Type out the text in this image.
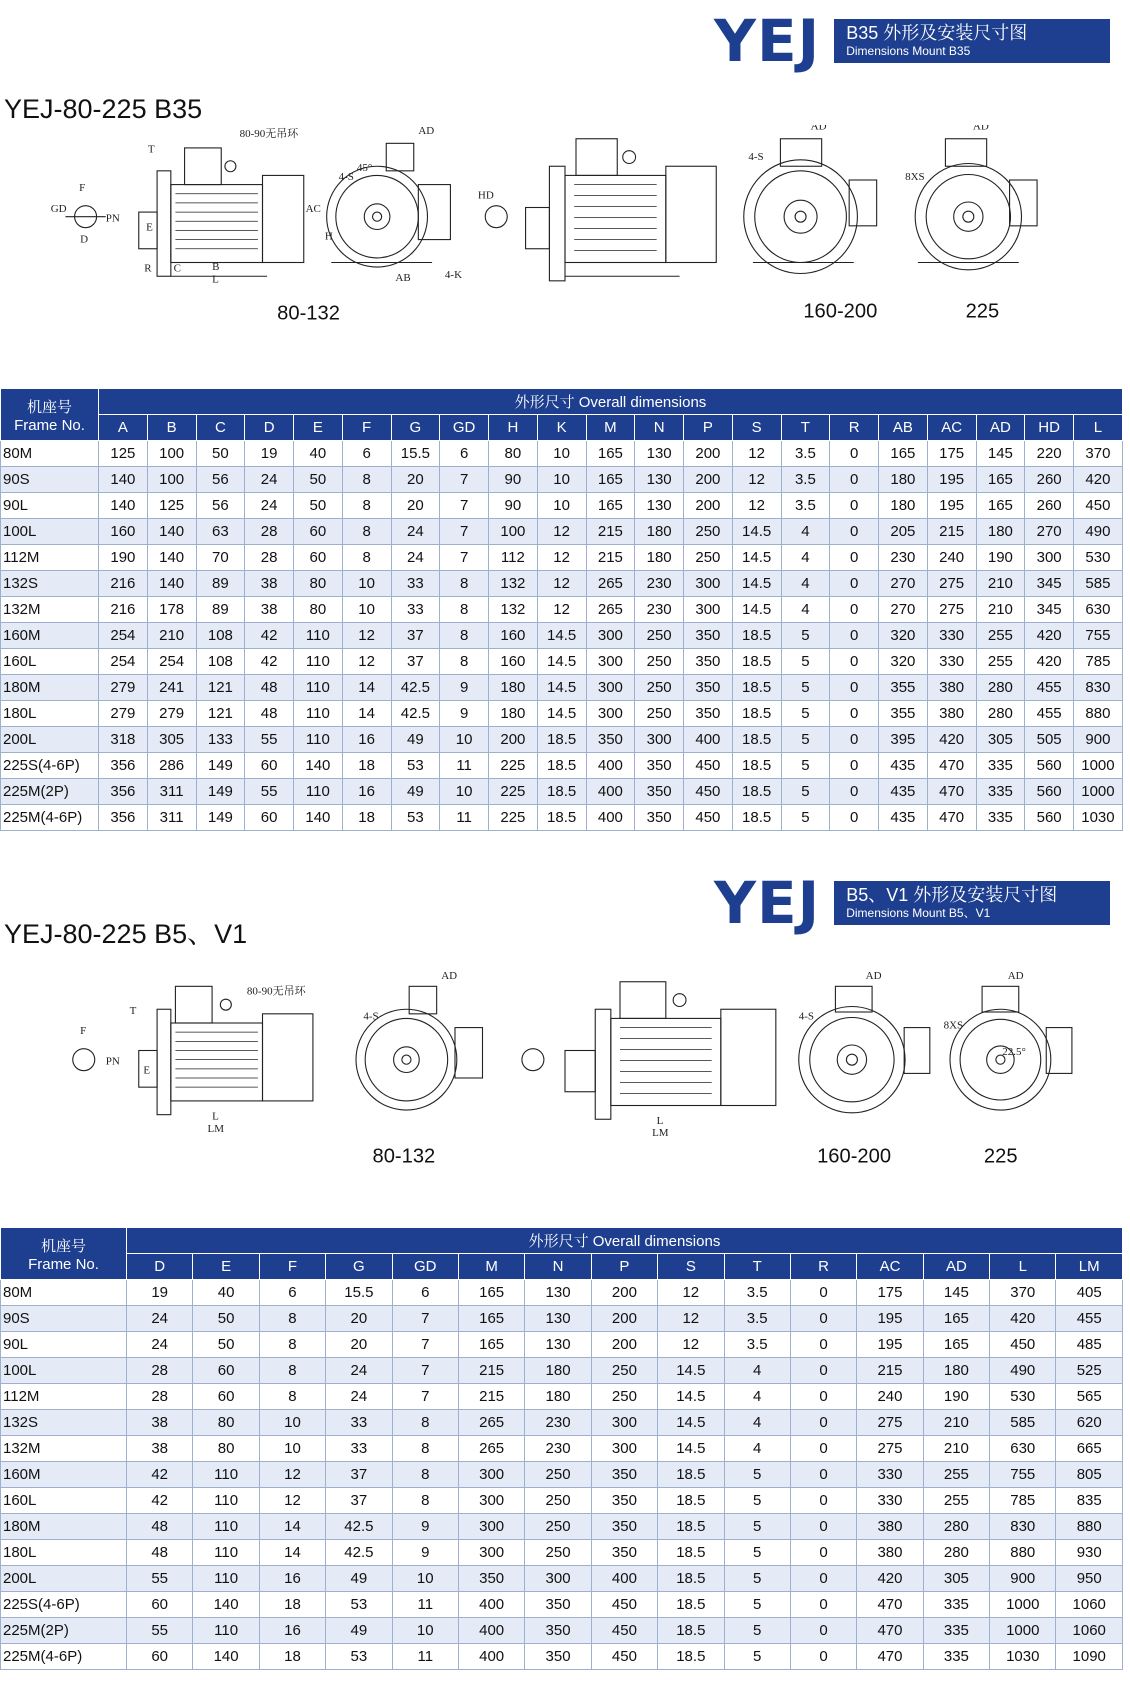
YEJ B35 外形及安装尺寸图
Dimensions Mount B35
YEJ-80-225 B35
80-90无吊环
T
F
GD
D
PN
E
R C	B
L
AC
AD
HD
H
AB
45°
4-S
4-K
AD
4-S
AD
8XS
80-132	160-200	225
机座号
Frame No.	外形尺寸 Overall dimensions																				
	A	B	C	D	E	F	G	GD	H	K	M	N	P	S	T	R	AB	AC	AD	HD	L
80M	125	100	50	19	40	6	15.5	6	80	10	165	130	200	12	3.5	0	165	175	145	220	370
90S	140	100	56	24	50	8	20	7	90	10	165	130	200	12	3.5	0	180	195	165	260	420
90L	140	125	56	24	50	8	20	7	90	10	165	130	200	12	3.5	0	180	195	165	260	450
100L	160	140	63	28	60	8	24	7	100	12	215	180	250	14.5	4	0	205	215	180	270	490
112M	190	140	70	28	60	8	24	7	112	12	215	180	250	14.5	4	0	230	240	190	300	530
132S	216	140	89	38	80	10	33	8	132	12	265	230	300	14.5	4	0	270	275	210	345	585
132M	216	178	89	38	80	10	33	8	132	12	265	230	300	14.5	4	0	270	275	210	345	630
160M	254	210	108	42	110	12	37	8	160	14.5	300	250	350	18.5	5	0	320	330	255	420	755
160L	254	254	108	42	110	12	37	8	160	14.5	300	250	350	18.5	5	0	320	330	255	420	785
180M	279	241	121	48	110	14	42.5	9	180	14.5	300	250	350	18.5	5	0	355	380	280	455	830
180L	279	279	121	48	110	14	42.5	9	180	14.5	300	250	350	18.5	5	0	355	380	280	455	880
200L	318	305	133	55	110	16	49	10	200	18.5	350	300	400	18.5	5	0	395	420	305	505	900
225S(4-6P)	356	286	149	60	140	18	53	11	225	18.5	400	350	450	18.5	5	0	435	470	335	560	1000
225M(2P)	356	311	149	55	110	16	49	10	225	18.5	400	350	450	18.5	5	0	435	470	335	560	1000
225M(4-6P)	356	311	149	60	140	18	53	11	225	18.5	400	350	450	18.5	5	0	435	470	335	560	1030
YEJ B5、V1 外形及安装尺寸图
Dimensions Mount B5、V1
YEJ-80-225 B5、V1
80-90无吊环
T
F
PN
E
L
LM
AD
4-S
L
LM
AD
4-S
AD
8XS
22.5°
80-132	160-200	225
机座号
Frame No.	外形尺寸 Overall dimensions														
	D	E	F	G	GD	M	N	P	S	T	R	AC	AD	L	LM
80M	19	40	6	15.5	6	165	130	200	12	3.5	0	175	145	370	405
90S	24	50	8	20	7	165	130	200	12	3.5	0	195	165	420	455
90L	24	50	8	20	7	165	130	200	12	3.5	0	195	165	450	485
100L	28	60	8	24	7	215	180	250	14.5	4	0	215	180	490	525
112M	28	60	8	24	7	215	180	250	14.5	4	0	240	190	530	565
132S	38	80	10	33	8	265	230	300	14.5	4	0	275	210	585	620
132M	38	80	10	33	8	265	230	300	14.5	4	0	275	210	630	665
160M	42	110	12	37	8	300	250	350	18.5	5	0	330	255	755	805
160L	42	110	12	37	8	300	250	350	18.5	5	0	330	255	785	835
180M	48	110	14	42.5	9	300	250	350	18.5	5	0	380	280	830	880
180L	48	110	14	42.5	9	300	250	350	18.5	5	0	380	280	880	930
200L	55	110	16	49	10	350	300	400	18.5	5	0	420	305	900	950
225S(4-6P)	60	140	18	53	11	400	350	450	18.5	5	0	470	335	1000	1060
225M(2P)	55	110	16	49	10	400	350	450	18.5	5	0	470	335	1000	1060
225M(4-6P)	60	140	18	53	11	400	350	450	18.5	5	0	470	335	1030	1090
